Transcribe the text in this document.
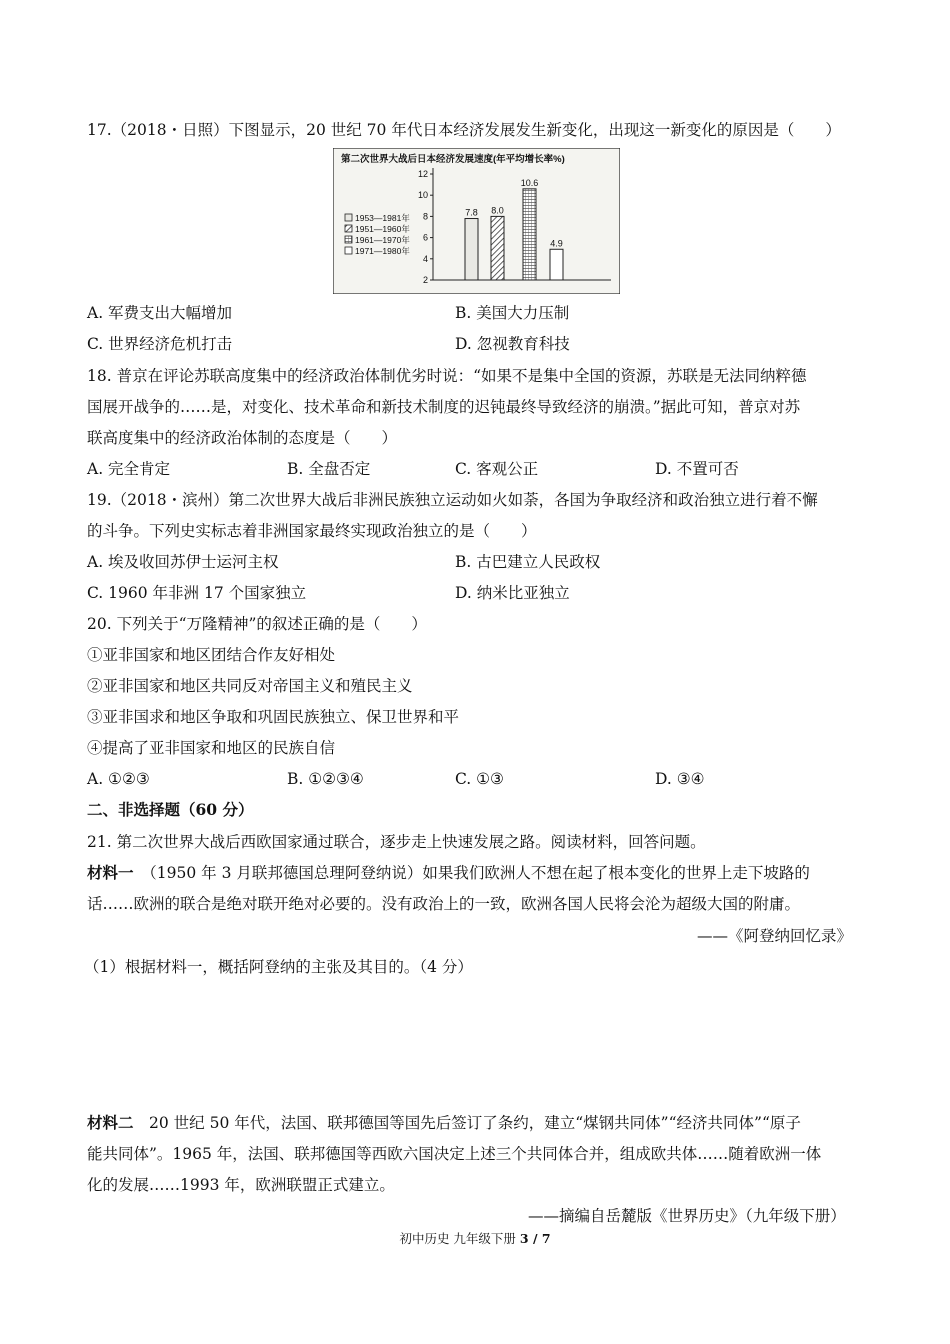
17.（2018・日照）下图显示，20 世纪 70 年代日本经济发展发生新变化，出现这一新变化的原因是（　　）
第二次世界大战后日本经济发展速度(年平均增长率%)
12
10
8
6
4
2
1953—1981年
1951—1960年
1961—1970年
1971—1980年
7.8 8.0
10.6
4.9
A. 军费支出大幅增加	B. 美国大力压制
C. 世界经济危机打击	D. 忽视教育科技
18. 普京在评论苏联高度集中的经济政治体制优劣时说：“如果不是集中全国的资源，苏联是无法同纳粹德
国展开战争的……是，对变化、技术革命和新技术制度的迟钝最终导致经济的崩溃。”据此可知，普京对苏
联高度集中的经济政治体制的态度是（　　）
A. 完全肯定	B. 全盘否定	C. 客观公正	D. 不置可否
19.（2018・滨州）第二次世界大战后非洲民族独立运动如火如荼，各国为争取经济和政治独立进行着不懈
的斗争。下列史实标志着非洲国家最终实现政治独立的是（　　）
A. 埃及收回苏伊士运河主权	B. 古巴建立人民政权
C. 1960 年非洲 17 个国家独立	D. 纳米比亚独立
20. 下列关于“万隆精神”的叙述正确的是（　　）
①亚非国家和地区团结合作友好相处
②亚非国家和地区共同反对帝国主义和殖民主义
③亚非国求和地区争取和巩固民族独立、保卫世界和平
④提高了亚非国家和地区的民族自信
A. ①②③	B. ①②③④	C. ①③	D. ③④
二、非选择题（60 分）
21. 第二次世界大战后西欧国家通过联合，逐步走上快速发展之路。阅读材料，回答问题。
材料一　（1950 年 3 月联邦德国总理阿登纳说）如果我们欧洲人不想在起了根本变化的世界上走下坡路的
话……欧洲的联合是绝对联开绝对必要的。没有政治上的一致，欧洲各国人民将会沦为超级大国的附庸。
——《阿登纳回忆录》
（1）根据材料一，概括阿登纳的主张及其目的。（4 分）
材料二　20 世纪 50 年代，法国、联邦德国等国先后签订了条约，建立“煤钢共同体”“经济共同体”“原子
能共同体”。1965 年，法国、联邦德国等西欧六国决定上述三个共同体合并，组成欧共体……随着欧洲一体
化的发展……1993 年，欧洲联盟正式建立。
——摘编自岳麓版《世界历史》（九年级下册）
初中历史 九年级下册 3 / 7
